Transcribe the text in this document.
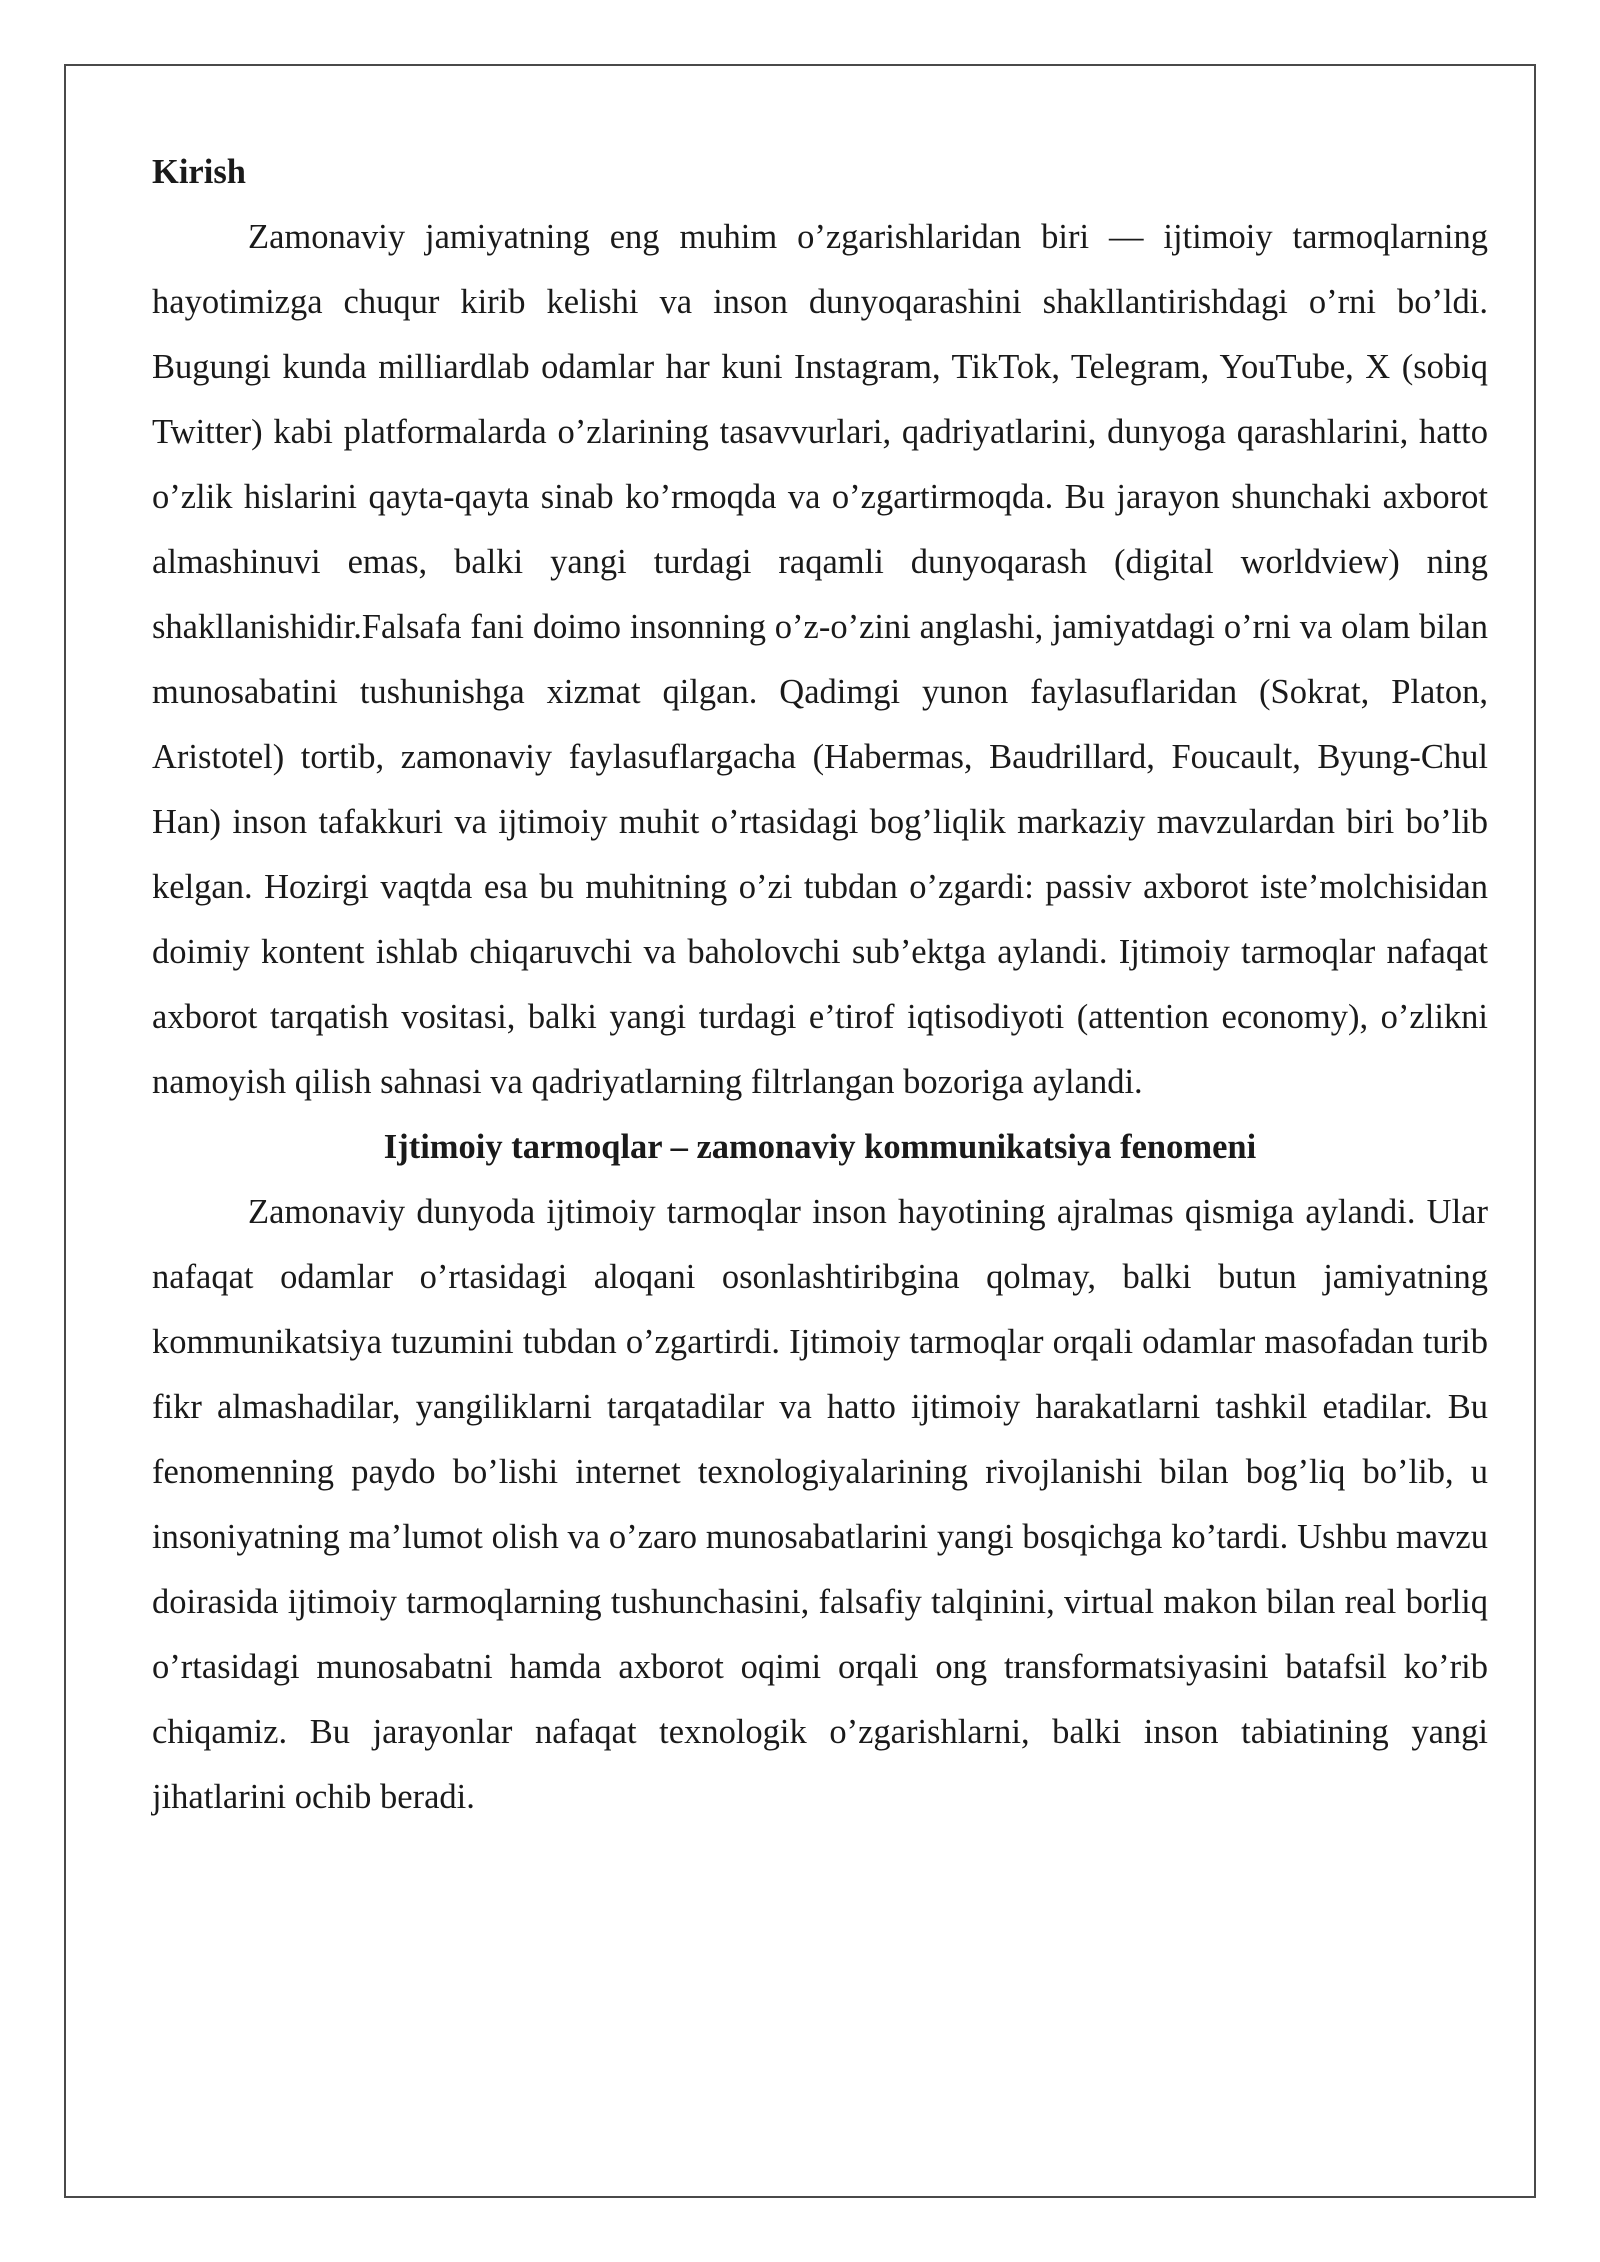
Kirish

Zamonaviy jamiyatning eng muhim o’zgarishlaridan biri — ijtimoiy tarmoqlarning hayotimizga chuqur kirib kelishi va inson dunyoqarashini shakllantirishdagi o’rni bo’ldi. Bugungi kunda milliardlab odamlar har kuni Instagram, TikTok, Telegram, YouTube, X (sobiq Twitter) kabi platformalarda o’zlarining tasavvurlari, qadriyatlarini, dunyoga qarashlarini, hatto o’zlik hislarini qayta-qayta sinab ko’rmoqda va o’zgartirmoqda. Bu jarayon shunchaki axborot almashinuvi emas, balki yangi turdagi raqamli dunyoqarash (digital worldview) ning shakllanishidir.Falsafa fani doimo insonning o’z-o’zini anglashi, jamiyatdagi o’rni va olam bilan munosabatini tushunishga xizmat qilgan. Qadimgi yunon faylasuflaridan (Sokrat, Platon, Aristotel) tortib, zamonaviy faylasuflargacha (Habermas, Baudrillard, Foucault, Byung-Chul Han) inson tafakkuri va ijtimoiy muhit o’rtasidagi bog’liqlik markaziy mavzulardan biri bo’lib kelgan. Hozirgi vaqtda esa bu muhitning o’zi tubdan o’zgardi: passiv axborot iste’molchisidan doimiy kontent ishlab chiqaruvchi va baholovchi sub’ektga aylandi. Ijtimoiy tarmoqlar nafaqat axborot tarqatish vositasi, balki yangi turdagi e’tirof iqtisodiyoti (attention economy), o’zlikni namoyish qilish sahnasi va qadriyatlarning filtrlangan bozoriga aylandi.

Ijtimoiy tarmoqlar – zamonaviy kommunikatsiya fenomeni

Zamonaviy dunyoda ijtimoiy tarmoqlar inson hayotining ajralmas qismiga aylandi. Ular nafaqat odamlar o’rtasidagi aloqani osonlashtiribgina qolmay, balki butun jamiyatning kommunikatsiya tuzumini tubdan o’zgartirdi. Ijtimoiy tarmoqlar orqali odamlar masofadan turib fikr almashadilar, yangiliklarni tarqatadilar va hatto ijtimoiy harakatlarni tashkil etadilar. Bu fenomenning paydo bo’lishi internet texnologiyalarining rivojlanishi bilan bog’liq bo’lib, u insoniyatning ma’lumot olish va o’zaro munosabatlarini yangi bosqichga ko’tardi. Ushbu mavzu doirasida ijtimoiy tarmoqlarning tushunchasini, falsafiy talqinini, virtual makon bilan real borliq o’rtasidagi munosabatni hamda axborot oqimi orqali ong transformatsiyasini batafsil ko’rib chiqamiz. Bu jarayonlar nafaqat texnologik o’zgarishlarni, balki inson tabiatining yangi jihatlarini ochib beradi.
